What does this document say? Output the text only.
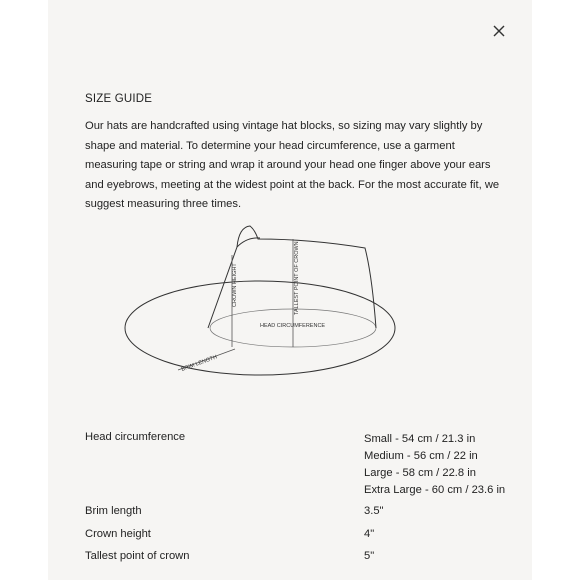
SIZE GUIDE

Our hats are handcrafted using vintage hat blocks, so sizing may vary slightly by shape and material. To determine your head circumference, use a garment measuring tape or string and wrap it around your head one finger above your ears and eyebrows, meeting at the widest point at the back. For the most accurate fit, we suggest measuring three times.

CROWN HEIGHT	TALLEST POINT OF CROWN
HEAD CIRCUMFERENCE
BRIM LENGTH
Head circumference	Small - 54 cm / 21.3 in
Medium - 56 cm / 22 in
Large - 58 cm / 22.8 in
Extra Large - 60 cm / 23.6 in
Brim length	3.5"
Crown height	4"
Tallest point of crown	5"
